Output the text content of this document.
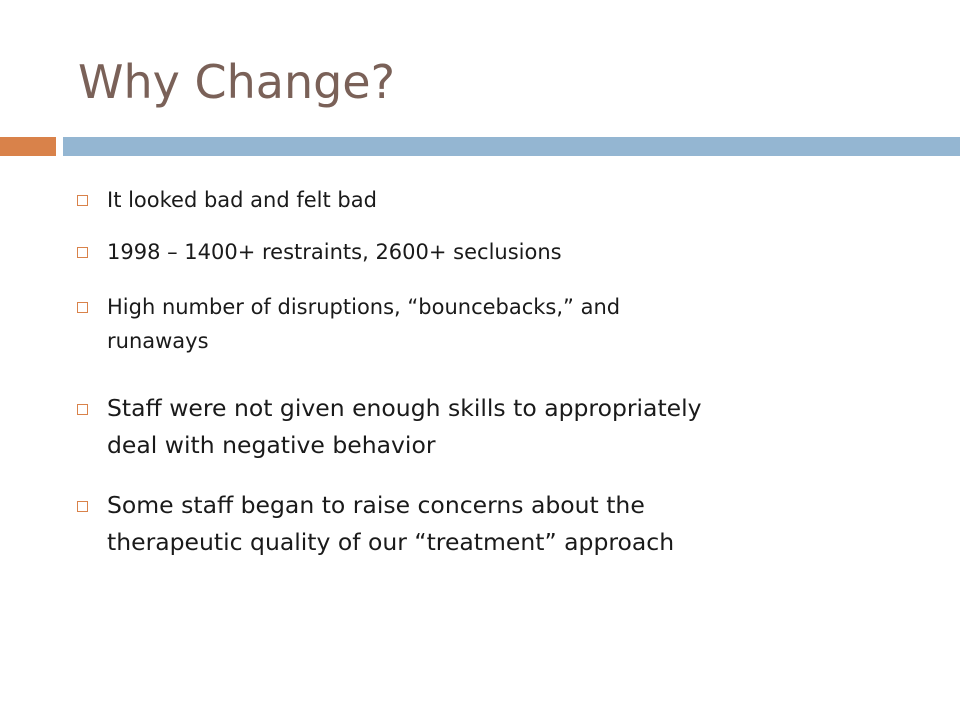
Why Change?
It looked bad and felt bad
1998 – 1400+ restraints, 2600+ seclusions
High number of disruptions, “bouncebacks,” and
runaways
Staff were not given enough skills to appropriately
deal with negative behavior
Some staff began to raise concerns about the
therapeutic quality of our “treatment” approach
